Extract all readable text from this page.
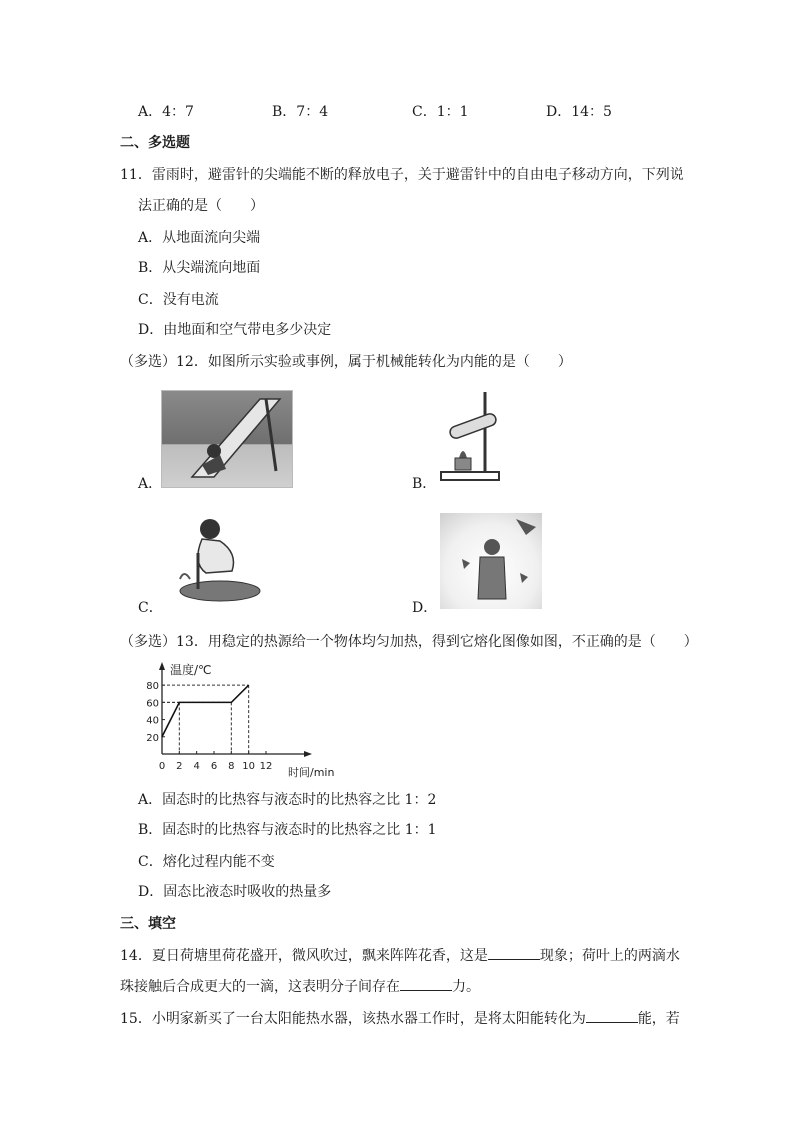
A．4：7	B．7：4	C．1：1	D．14：5
二、多选题
11．雷雨时，避雷针的尖端能不断的释放电子，关于避雷针中的自由电子移动方向，下列说
法正确的是（　　）
A．从地面流向尖端
B．从尖端流向地面
C．没有电流
D．由地面和空气带电多少决定
（多选）12．如图所示实验或事例，属于机械能转化为内能的是（　　）
A．	B．
C．	D．
（多选）13．用稳定的热源给一个物体均匀加热，得到它熔化图像如图，不正确的是（　　）
温度/℃
时间/min
20
40
60
80
0 2 4 6 8 10 12
A．固态时的比热容与液态时的比热容之比 1：2
B．固态时的比热容与液态时的比热容之比 1：1
C．熔化过程内能不变
D．固态比液态时吸收的热量多
三、填空
14．夏日荷塘里荷花盛开，微风吹过，飘来阵阵花香，这是	现象；荷叶上的两滴水
珠接触后合成更大的一滴，这表明分子间存在	力。
15．小明家新买了一台太阳能热水器，该热水器工作时，是将太阳能转化为	能，若
